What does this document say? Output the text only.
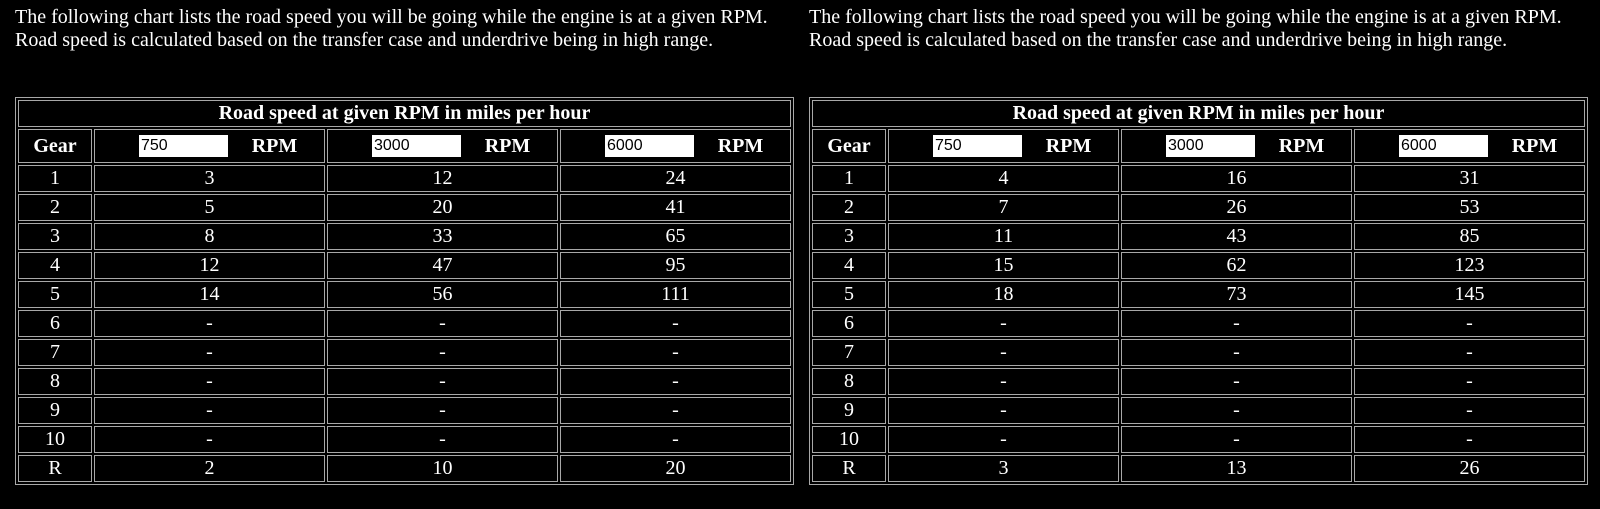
The following chart lists the road speed you will be going while the engine is at a given RPM. Road speed is calculated based on the transfer case and underdrive being in high range.

Road speed at given RPM in miles per hour			
Gear	750RPM	3000RPM	6000RPM
1	3	12	24
2	5	20	41
3	8	33	65
4	12	47	95
5	14	56	111
6	-	-	-
7	-	-	-
8	-	-	-
9	-	-	-
10	-	-	-
R	2	10	20

The following chart lists the road speed you will be going while the engine is at a given RPM. Road speed is calculated based on the transfer case and underdrive being in high range.

Road speed at given RPM in miles per hour			
Gear	750RPM	3000RPM	6000RPM
1	4	16	31
2	7	26	53
3	11	43	85
4	15	62	123
5	18	73	145
6	-	-	-
7	-	-	-
8	-	-	-
9	-	-	-
10	-	-	-
R	3	13	26
